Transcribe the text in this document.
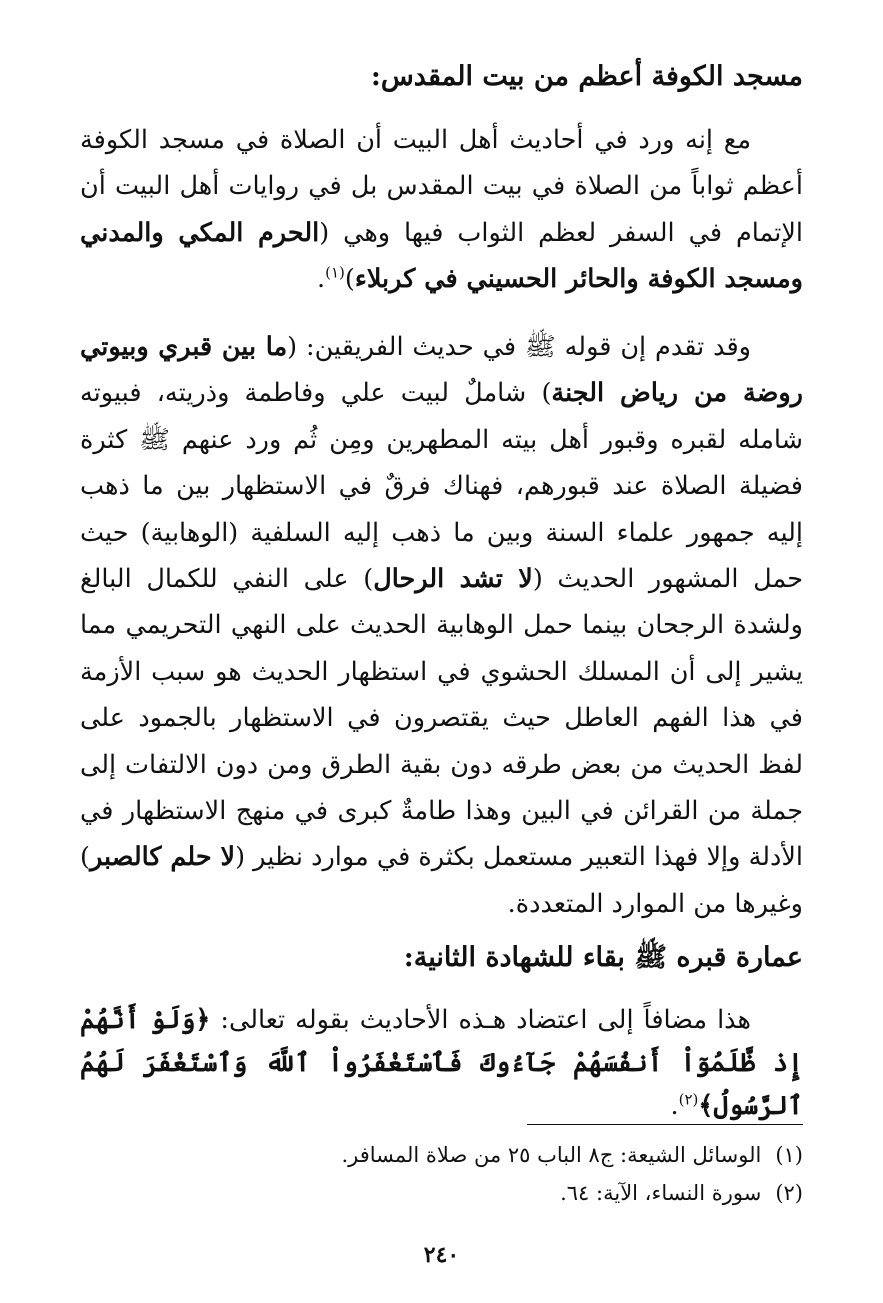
مسجد الكوفة أعظم من بيت المقدس:
مع إنه ورد في أحاديث أهل البيت أن الصلاة في مسجد الكوفة أعظم ثواباً من الصلاة في بيت المقدس بل في روايات أهل البيت أن الإتمام في السفر لعظم الثواب فيها وهي (الحرم المكي والمدني ومسجد الكوفة والحائر الحسيني في كربلاء)$^{(١)}$.
وقد تقدم إن قوله ﷺ في حديث الفريقين: (ما بين قبري وبيوتي روضة من رياض الجنة) شاملٌ لبيت علي وفاطمة وذريته، فبيوته شامله لقبره وقبور أهل بيته المطهرين ومِن ثُم ورد عنهم ﷺ كثرة فضيلة الصلاة عند قبورهم، فهناك فرقٌ في الاستظهار بين ما ذهب إليه جمهور علماء السنة وبين ما ذهب إليه السلفية (الوهابية) حيث حمل المشهور الحديث (لا تشد الرحال) على النفي للكمال البالغ ولشدة الرجحان بينما حمل الوهابية الحديث على النهي التحريمي مما يشير إلى أن المسلك الحشوي في استظهار الحديث هو سبب الأزمة في هذا الفهم العاطل حيث يقتصرون في الاستظهار بالجمود على لفظ الحديث من بعض طرقه دون بقية الطرق ومن دون الالتفات إلى جملة من القرائن في البين وهذا طامةٌ كبرى في منهج الاستظهار في الأدلة وإلا فهذا التعبير مستعمل بكثرة في موارد نظير (لا حلم كالصبر) وغيرها من الموارد المتعددة.
عمارة قبره ﷺ بقاء للشهادة الثانية:
هذا مضافاً إلى اعتضاد هـذه الأحاديث بقوله تعالى: ﴿وَلَوْ أَنَّهُمْ إِذ ظَّلَمُوٓاْ أَنفُسَهُمْ جَآءُوكَ فَٱسْتَغْفَرُواْ ٱللَّهَ وَٱسْتَغْفَرَ لَهُمُ ٱلرَّسُولُ﴾$^{(٢)}$.
(١)الوسائل الشيعة: ج٨ الباب ٢٥ من صلاة المسافر.
(٢)سورة النساء، الآية: ٦٤.
٢٤٠
